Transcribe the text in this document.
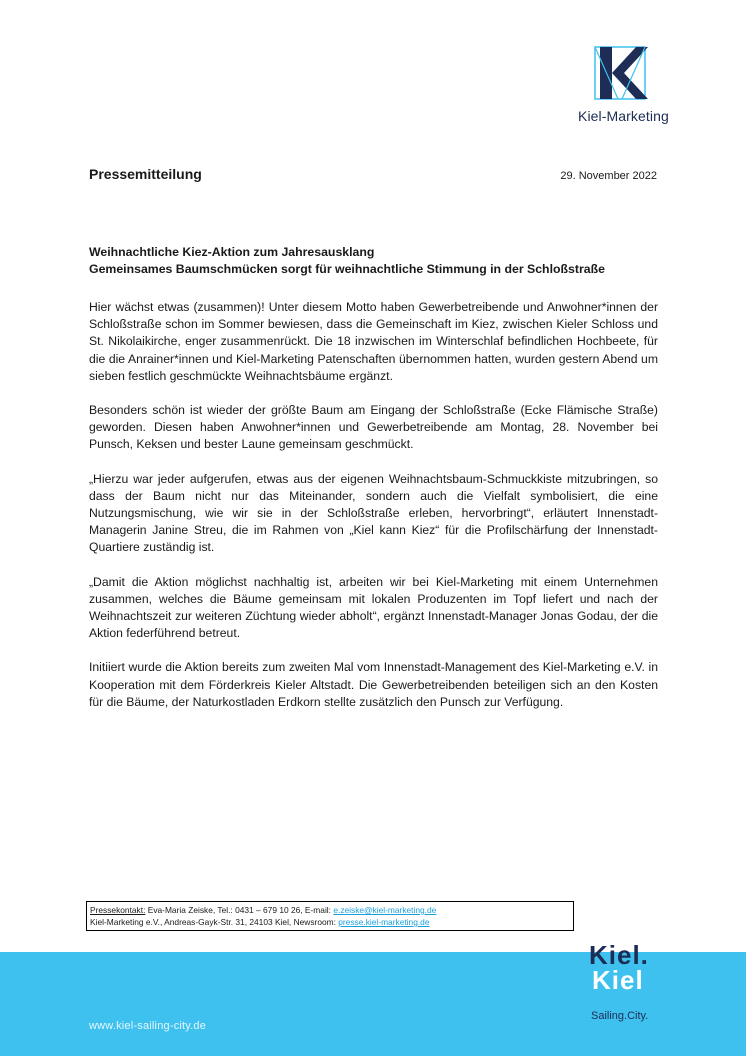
Kiel-Marketing
Pressemitteilung	29. November 2022
Weihnachtliche Kiez-Aktion zum Jahresausklang
Gemeinsames Baumschmücken sorgt für weihnachtliche Stimmung in der Schloßstraße

Hier wächst etwas (zusammen)! Unter diesem Motto haben Gewerbetreibende und Anwohner*innen der Schloßstraße schon im Sommer bewiesen, dass die Gemeinschaft im Kiez, zwischen Kieler Schloss und St. Nikolaikirche, enger zusammenrückt. Die 18 inzwischen im Winterschlaf befindlichen Hochbeete, für die die Anrainer*innen und Kiel-Marketing Patenschaften übernommen hatten, wurden gestern Abend um sieben festlich geschmückte Weihnachtsbäume ergänzt.

Besonders schön ist wieder der größte Baum am Eingang der Schloßstraße (Ecke Flämische Straße) geworden. Diesen haben Anwohner*innen und Gewerbetreibende am Montag, 28. November bei Punsch, Keksen und bester Laune gemeinsam geschmückt.

„Hierzu war jeder aufgerufen, etwas aus der eigenen Weihnachtsbaum-Schmuckkiste mitzubringen, so dass der Baum nicht nur das Miteinander, sondern auch die Vielfalt symbolisiert, die eine Nutzungsmischung, wie wir sie in der Schloßstraße erleben, hervorbringt“, erläutert Innenstadt-Managerin Janine Streu, die im Rahmen von „Kiel kann Kiez“ für die Profilschärfung der Innenstadt-Quartiere zuständig ist.

„Damit die Aktion möglichst nachhaltig ist, arbeiten wir bei Kiel-Marketing mit einem Unternehmen zusammen, welches die Bäume gemeinsam mit lokalen Produzenten im Topf liefert und nach der Weihnachtszeit zur weiteren Züchtung wieder abholt“, ergänzt Innenstadt-Manager Jonas Godau, der die Aktion federführend betreut.

Initiiert wurde die Aktion bereits zum zweiten Mal vom Innenstadt-Management des Kiel-Marketing e.V. in Kooperation mit dem Förderkreis Kieler Altstadt. Die Gewerbetreibenden beteiligen sich an den Kosten für die Bäume, der Naturkostladen Erdkorn stellte zusätzlich den Punsch zur Verfügung.

Pressekontakt: Eva-Maria Zeiske, Tel.: 0431 – 679 10 26, E-mail: e.zeiske@kiel-marketing.de
Kiel-Marketing e.V., Andreas-Gayk-Str. 31, 24103 Kiel, Newsroom: presse.kiel-marketing.de
www.kiel-sailing-city.de
Kiel.
Kiel
Sailing.City.
